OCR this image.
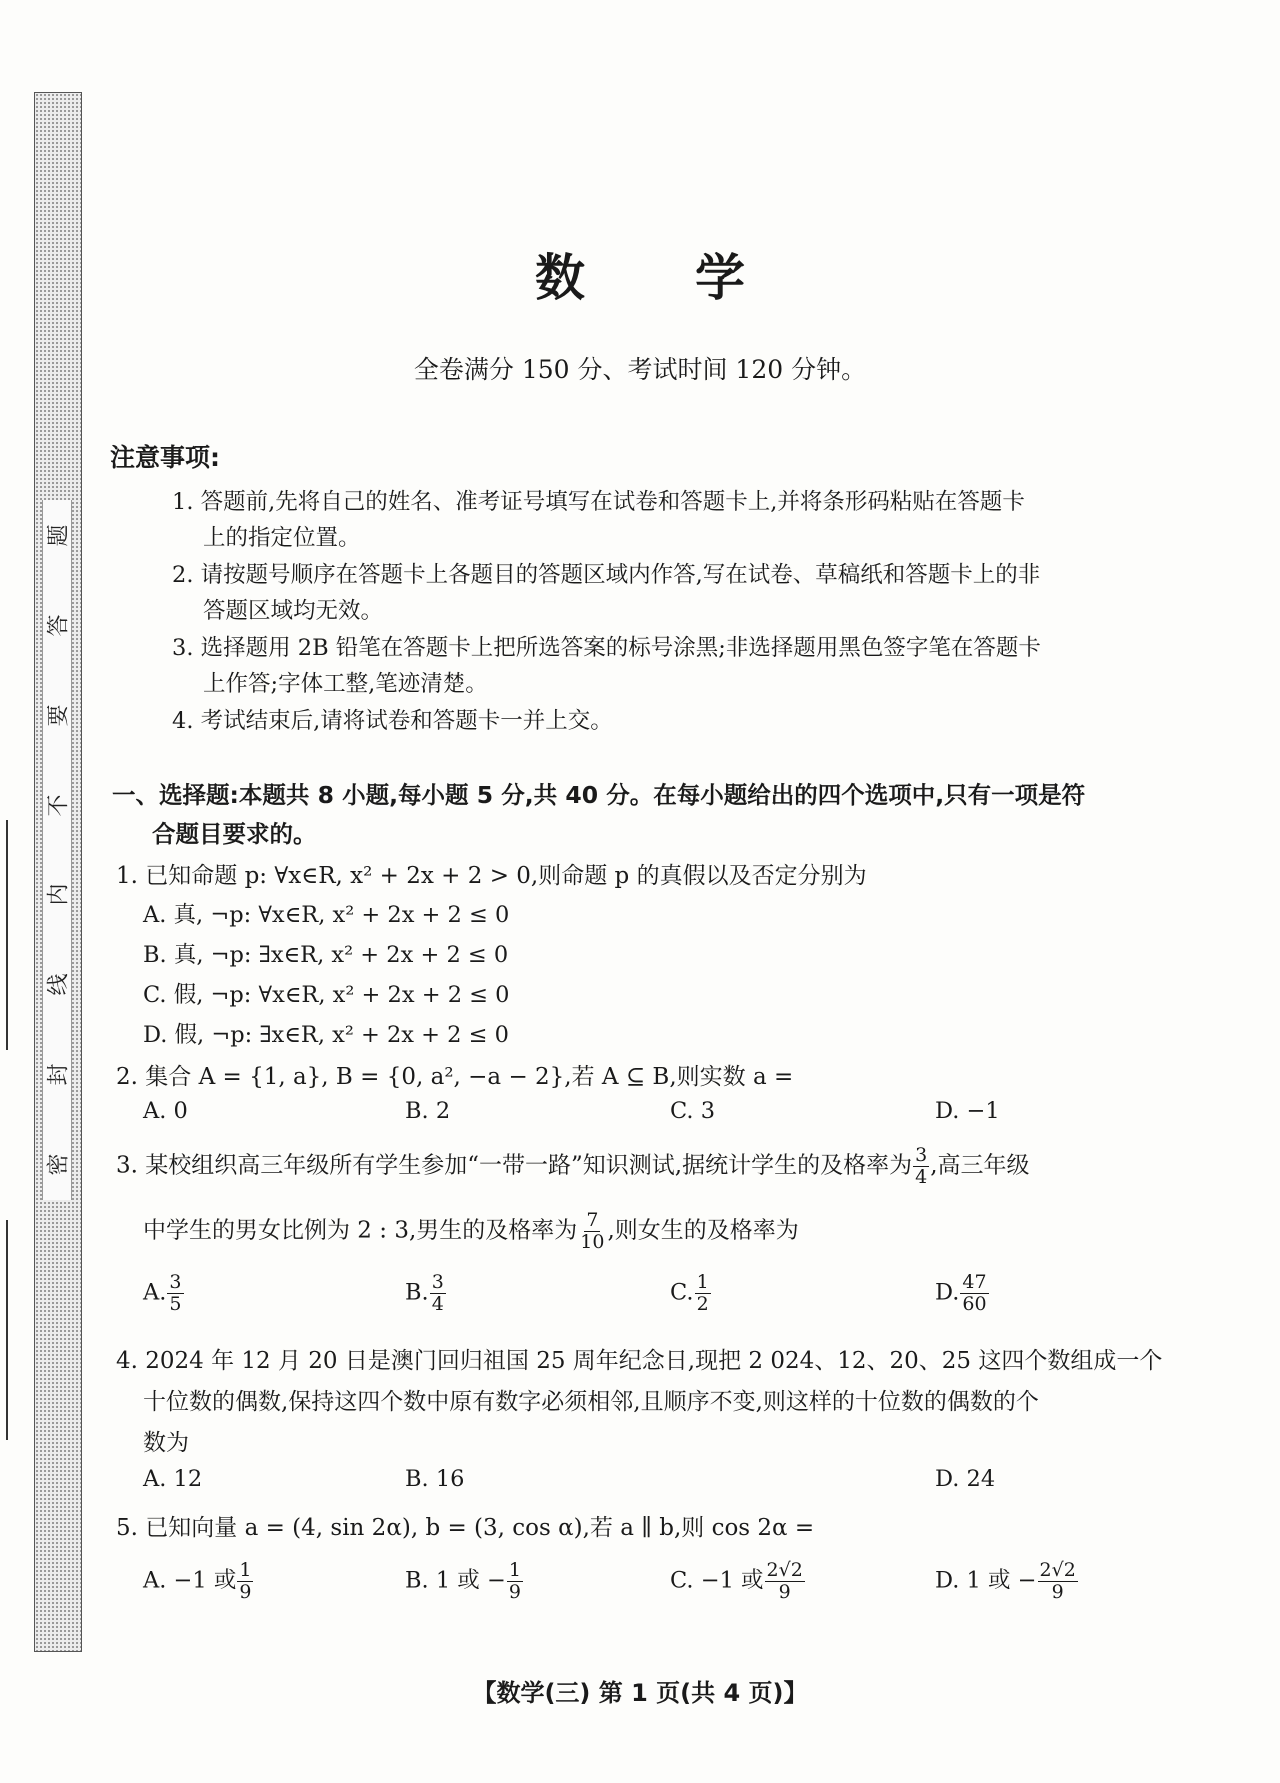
题
答
要
不
内
线
封
密
数学
全卷满分 150 分、考试时间 120 分钟。
注意事项:
1. 答题前,先将自己的姓名、准考证号填写在试卷和答题卡上,并将条形码粘贴在答题卡
上的指定位置。
2. 请按题号顺序在答题卡上各题目的答题区域内作答,写在试卷、草稿纸和答题卡上的非
答题区域均无效。
3. 选择题用 2B 铅笔在答题卡上把所选答案的标号涂黑;非选择题用黑色签字笔在答题卡
上作答;字体工整,笔迹清楚。
4. 考试结束后,请将试卷和答题卡一并上交。
一、选择题:本题共 8 小题,每小题 5 分,共 40 分。在每小题给出的四个选项中,只有一项是符
合题目要求的。
1. 已知命题 p: ∀x∈R, x² + 2x + 2 > 0,则命题 p 的真假以及否定分别为
A. 真, ¬p: ∀x∈R, x² + 2x + 2 ≤ 0
B. 真, ¬p: ∃x∈R, x² + 2x + 2 ≤ 0
C. 假, ¬p: ∀x∈R, x² + 2x + 2 ≤ 0
D. 假, ¬p: ∃x∈R, x² + 2x + 2 ≤ 0
2. 集合 A = {1, a}, B = {0, a², −a − 2},若 A ⊆ B,则实数 a =
A. 0	B. 2	C. 3	D. −1
3. 某校组织高三年级所有学生参加“一带一路”知识测试,据统计学生的及格率为 $\frac{3}{4}$ ,高三年级
中学生的男女比例为 2 : 3,男生的及格率为 $\frac{7}{10}$ ,则女生的及格率为
A. $\frac{3}{5}$	B. $\frac{3}{4}$	C. $\frac{1}{2}$	D. $\frac{47}{60}$
4. 2024 年 12 月 20 日是澳门回归祖国 25 周年纪念日,现把 2 024、12、20、25 这四个数组成一个
十位数的偶数,保持这四个数中原有数字必须相邻,且顺序不变,则这样的十位数的偶数的个
数为
A. 12	B. 16	D. 24
5. 已知向量 a = (4, sin 2α), b = (3, cos α),若 a ∥ b,则 cos 2α =
A. −1 或 $\frac{1}{9}$	B. 1 或 − $\frac{1}{9}$	C. −1 或 $\frac{2√2}{9}$	D. 1 或 − $\frac{2√2}{9}$
【数学(三) 第 1 页(共 4 页)】
